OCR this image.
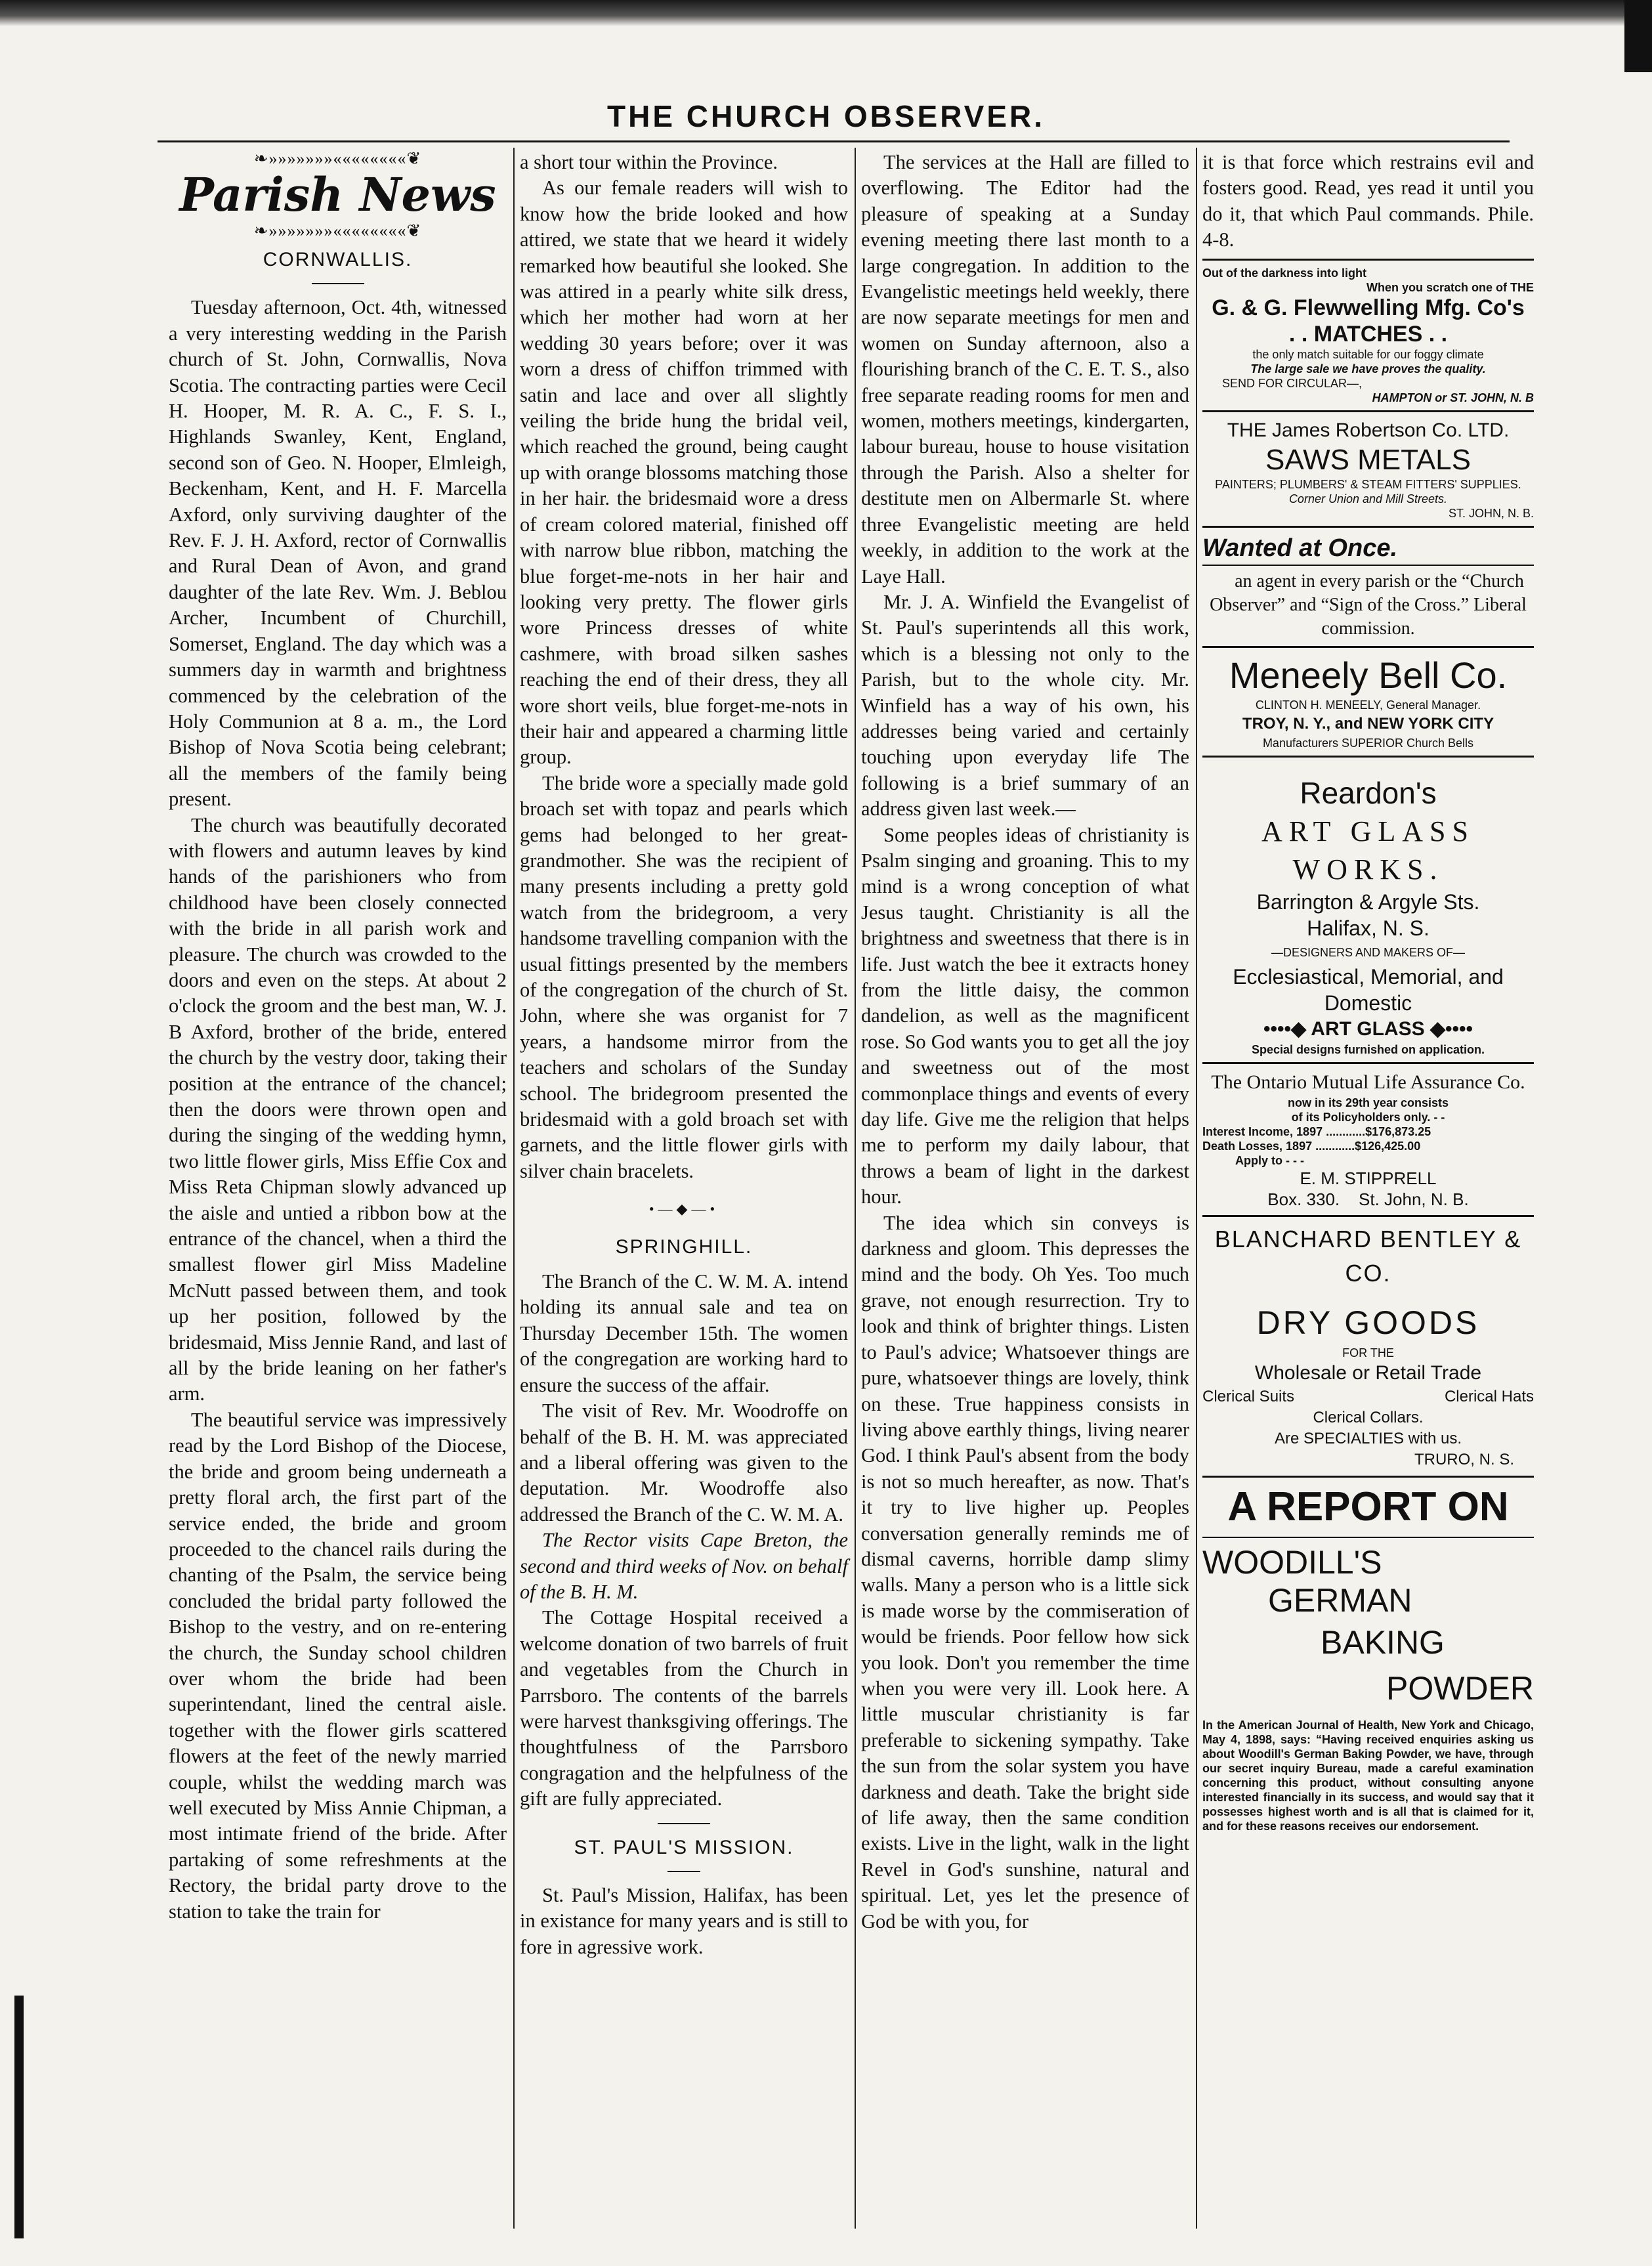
THE CHURCH OBSERVER.
❧»»»»»»»««««««««❦
Parish News
❧»»»»»»»««««««««❦
CORNWALLIS.

Tuesday afternoon, Oct. 4th, witnessed a very interesting wedding in the Parish church of St. John, Cornwallis, Nova Scotia. The contracting parties were Cecil H. Hooper, M. R. A. C., F. S. I., Highlands Swanley, Kent, England, second son of Geo. N. Hooper, Elmleigh, Beckenham, Kent, and H. F. Marcella Axford, only surviving daughter of the Rev. F. J. H. Axford, rector of Cornwallis and Rural Dean of Avon, and grand daughter of the late Rev. Wm. J. Beblou Archer, Incumbent of Churchill, Somerset, England. The day which was a summers day in warmth and brightness commenced by the celebration of the Holy Communion at 8 a. m., the Lord Bishop of Nova Scotia being celebrant; all the members of the family being present.

The church was beautifully decorated with flowers and autumn leaves by kind hands of the parishioners who from childhood have been closely connected with the bride in all parish work and pleasure. The church was crowded to the doors and even on the steps. At about 2 o'clock the groom and the best man, W. J. B Axford, brother of the bride, entered the church by the vestry door, taking their position at the entrance of the chancel; then the doors were thrown open and during the singing of the wedding hymn, two little flower girls, Miss Effie Cox and Miss Reta Chipman slowly advanced up the aisle and untied a ribbon bow at the entrance of the chancel, when a third the smallest flower girl Miss Madeline McNutt passed between them, and took up her position, followed by the bridesmaid, Miss Jennie Rand, and last of all by the bride leaning on her father's arm.

The beautiful service was impressively read by the Lord Bishop of the Diocese, the bride and groom being underneath a pretty floral arch, the first part of the service ended, the bride and groom proceeded to the chancel rails during the chanting of the Psalm, the service being concluded the bridal party followed the Bishop to the vestry, and on re-entering the church, the Sunday school children over whom the bride had been superintendant, lined the central aisle. together with the flower girls scattered flowers at the feet of the newly married couple, whilst the wedding march was well executed by Miss Annie Chipman, a most intimate friend of the bride. After partaking of some refreshments at the Rectory, the bridal party drove to the station to take the train for

a short tour within the Province.

As our female readers will wish to know how the bride looked and how attired, we state that we heard it widely remarked how beautiful she looked. She was attired in a pearly white silk dress, which her mother had worn at her wedding 30 years before; over it was worn a dress of chiffon trimmed with satin and lace and over all slightly veiling the bride hung the bridal veil, which reached the ground, being caught up with orange blossoms matching those in her hair. the bridesmaid wore a dress of cream colored material, finished off with narrow blue ribbon, matching the blue forget-me-nots in her hair and looking very pretty. The flower girls wore Princess dresses of white cashmere, with broad silken sashes reaching the end of their dress, they all wore short veils, blue forget-me-nots in their hair and appeared a charming little group.

The bride wore a specially made gold broach set with topaz and pearls which gems had belonged to her great-grandmother. She was the recipient of many presents including a pretty gold watch from the bridegroom, a very handsome travelling companion with the usual fittings presented by the members of the congregation of the church of St. John, where she was organist for 7 years, a handsome mirror from the teachers and scholars of the Sunday school. The bridegroom presented the bridesmaid with a gold broach set with garnets, and the little flower girls with silver chain bracelets.

•—◆—•
SPRINGHILL.

The Branch of the C. W. M. A. intend holding its annual sale and tea on Thursday December 15th. The women of the congregation are working hard to ensure the success of the affair.

The visit of Rev. Mr. Woodroffe on behalf of the B. H. M. was appreciated and a liberal offering was given to the deputation. Mr. Woodroffe also addressed the Branch of the C. W. M. A.

The Rector visits Cape Breton, the second and third weeks of Nov. on behalf of the B. H. M.

The Cottage Hospital received a welcome donation of two barrels of fruit and vegetables from the Church in Parrsboro. The contents of the barrels were harvest thanksgiving offerings. The thoughtfulness of the Parrsboro congragation and the helpfulness of the gift are fully appreciated.

ST. PAUL'S MISSION.

St. Paul's Mission, Halifax, has been in existance for many years and is still to fore in agressive work.

The services at the Hall are filled to overflowing. The Editor had the pleasure of speaking at a Sunday evening meeting there last month to a large congregation. In addition to the Evangelistic meetings held weekly, there are now separate meetings for men and women on Sunday afternoon, also a flourishing branch of the C. E. T. S., also free separate reading rooms for men and women, mothers meetings, kindergarten, labour bureau, house to house visitation through the Parish. Also a shelter for destitute men on Albermarle St. where three Evangelistic meeting are held weekly, in addition to the work at the Laye Hall.

Mr. J. A. Winfield the Evangelist of St. Paul's superintends all this work, which is a blessing not only to the Parish, but to the whole city. Mr. Winfield has a way of his own, his addresses being varied and certainly touching upon everyday life The following is a brief summary of an address given last week.—

Some peoples ideas of christianity is Psalm singing and groaning. This to my mind is a wrong conception of what Jesus taught. Christianity is all the brightness and sweetness that there is in life. Just watch the bee it extracts honey from the little daisy, the common dandelion, as well as the magnificent rose. So God wants you to get all the joy and sweetness out of the most commonplace things and events of every day life. Give me the religion that helps me to perform my daily labour, that throws a beam of light in the darkest hour.

The idea which sin conveys is darkness and gloom. This depresses the mind and the body. Oh Yes. Too much grave, not enough resurrection. Try to look and think of brighter things. Listen to Paul's advice; Whatsoever things are pure, whatsoever things are lovely, think on these. True happiness consists in living above earthly things, living nearer God. I think Paul's absent from the body is not so much hereafter, as now. That's it try to live higher up. Peoples conversation generally reminds me of dismal caverns, horrible damp slimy walls. Many a person who is a little sick is made worse by the commiseration of would be friends. Poor fellow how sick you look. Don't you remember the time when you were very ill. Look here. A little muscular christianity is far preferable to sickening sympathy. Take the sun from the solar system you have darkness and death. Take the bright side of life away, then the same condition exists. Live in the light, walk in the light Revel in God's sunshine, natural and spiritual. Let, yes let the presence of God be with you, for

it is that force which restrains evil and fosters good. Read, yes read it until you do it, that which Paul commands. Phile. 4-8.

Out of the darkness into light
When you scratch one of THE
G. & G. Flewwelling Mfg. Co's
. . MATCHES . .
the only match suitable for our foggy climate
The large sale we have proves the quality.
SEND FOR CIRCULAR—,
HAMPTON or ST. JOHN, N. B
THE James Robertson Co. LTD.
SAWS METALS
PAINTERS; PLUMBERS' & STEAM FITTERS' SUPPLIES.
Corner Union and Mill Streets.
ST. JOHN, N. B.
Wanted at Once.

an agent in every parish or the “Church Observer” and “Sign of the Cross.” Liberal commission.

Meneely Bell Co.
CLINTON H. MENEELY, General Manager.
TROY, N. Y., and NEW YORK CITY
Manufacturers SUPERIOR Church Bells
Reardon's
ART GLASS WORKS.
Barrington & Argyle Sts.
Halifax, N. S.
—DESIGNERS AND MAKERS OF—
Ecclesiastical, Memorial, and Domestic
••••◆ ART GLASS ◆••••
Special designs furnished on application.
The Ontario Mutual Life Assurance Co.
now in its 29th year consists
of its Policyholders only. - -
Interest Income, 1897 ............$176,873.25
Death Losses, 1897 ............$126,425.00
Apply to - - -
E. M. STIPPRELL
Box. 330.    St. John, N. B.
BLANCHARD BENTLEY & CO.
DRY GOODS
FOR THE
Wholesale or Retail Trade
Clerical Suits	Clerical Hats
Clerical Collars.
Are SPECIALTIES with us.
TRURO, N. S.
A REPORT ON
WOODILL'S
GERMAN
BAKING
POWDER

In the American Journal of Health, New York and Chicago, May 4, 1898, says: “Having received enquiries asking us about Woodill's German Baking Powder, we have, through our secret inquiry Bureau, made a careful examination concerning this product, without consulting anyone interested financially in its success, and would say that it possesses highest worth and is all that is claimed for it, and for these reasons receives our endorsement.
